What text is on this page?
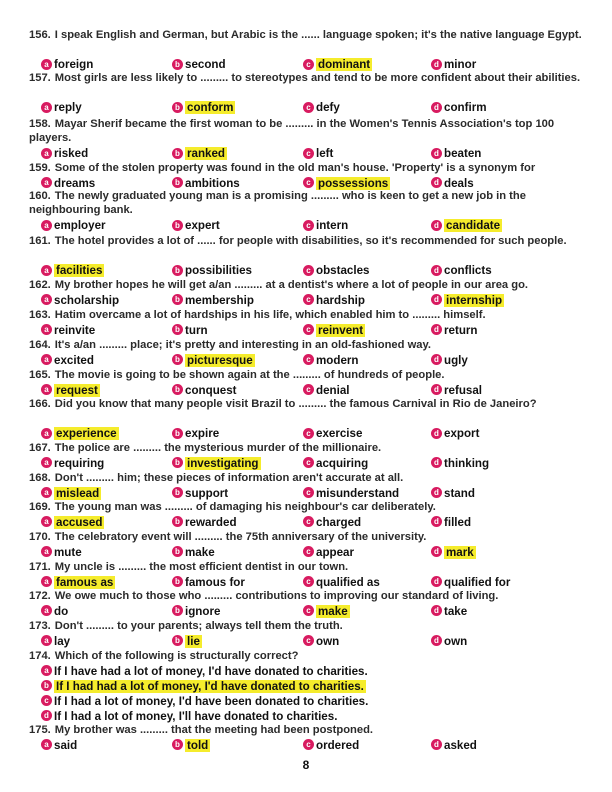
156. I speak English and German, but Arabic is the ...... language spoken; it's the native language Egypt.
a foreign	b second	c dominant	d minor
157. Most girls are less likely to ......... to stereotypes and tend to be more confident about their abilities.
a reply	b conform	c defy	d confirm
158. Mayar Sherif became the first woman to be ......... in the Women's Tennis Association's top 100 players.
a risked	b ranked	c left	d beaten
159. Some of the stolen property was found in the old man's house. 'Property' is a synonym for
a dreams	b ambitions	c possessions	d deals
160. The newly graduated young man is a promising ......... who is keen to get a new job in the neighbouring bank.
a employer	b expert	c intern	d candidate
161. The hotel provides a lot of ...... for people with disabilities, so it's recommended for such people.
a facilities	b possibilities	c obstacles	d conflicts
162. My brother hopes he will get a/an ......... at a dentist's where a lot of people in our area go.
a scholarship	b membership	c hardship	d internship
163. Hatim overcame a lot of hardships in his life, which enabled him to ......... himself.
a reinvite	b turn	c reinvent	d return
164. It's a/an ......... place; it's pretty and interesting in an old-fashioned way.
a excited	b picturesque	c modern	d ugly
165. The movie is going to be shown again at the ......... of hundreds of people.
a request	b conquest	c denial	d refusal
166. Did you know that many people visit Brazil to ......... the famous Carnival in Rio de Janeiro?
a experience	b expire	c exercise	d export
167. The police are ......... the mysterious murder of the millionaire.
a requiring	b investigating	c acquiring	d thinking
168. Don't ......... him; these pieces of information aren't accurate at all.
a mislead	b support	c misunderstand	d stand
169. The young man was ......... of damaging his neighbour's car deliberately.
a accused	b rewarded	c charged	d filled
170. The celebratory event will ......... the 75th anniversary of the university.
a mute	b make	c appear	d mark
171. My uncle is ......... the most efficient dentist in our town.
a famous as	b famous for	c qualified as	d qualified for
172. We owe much to those who ......... contributions to improving our standard of living.
a do	b ignore	c make	d take
173. Don't ......... to your parents; always tell them the truth.
a lay	b lie	c own	d own
174. Which of the following is structurally correct?
a If I have had a lot of money, I'd have donated to charities.
b If I had had a lot of money, I'd have donated to charities.
c If I had a lot of money, I'd have been donated to charities.
d If I had a lot of money, I'll have donated to charities.
175. My brother was ......... that the meeting had been postponed.
a said	b told	c ordered	d asked
8
